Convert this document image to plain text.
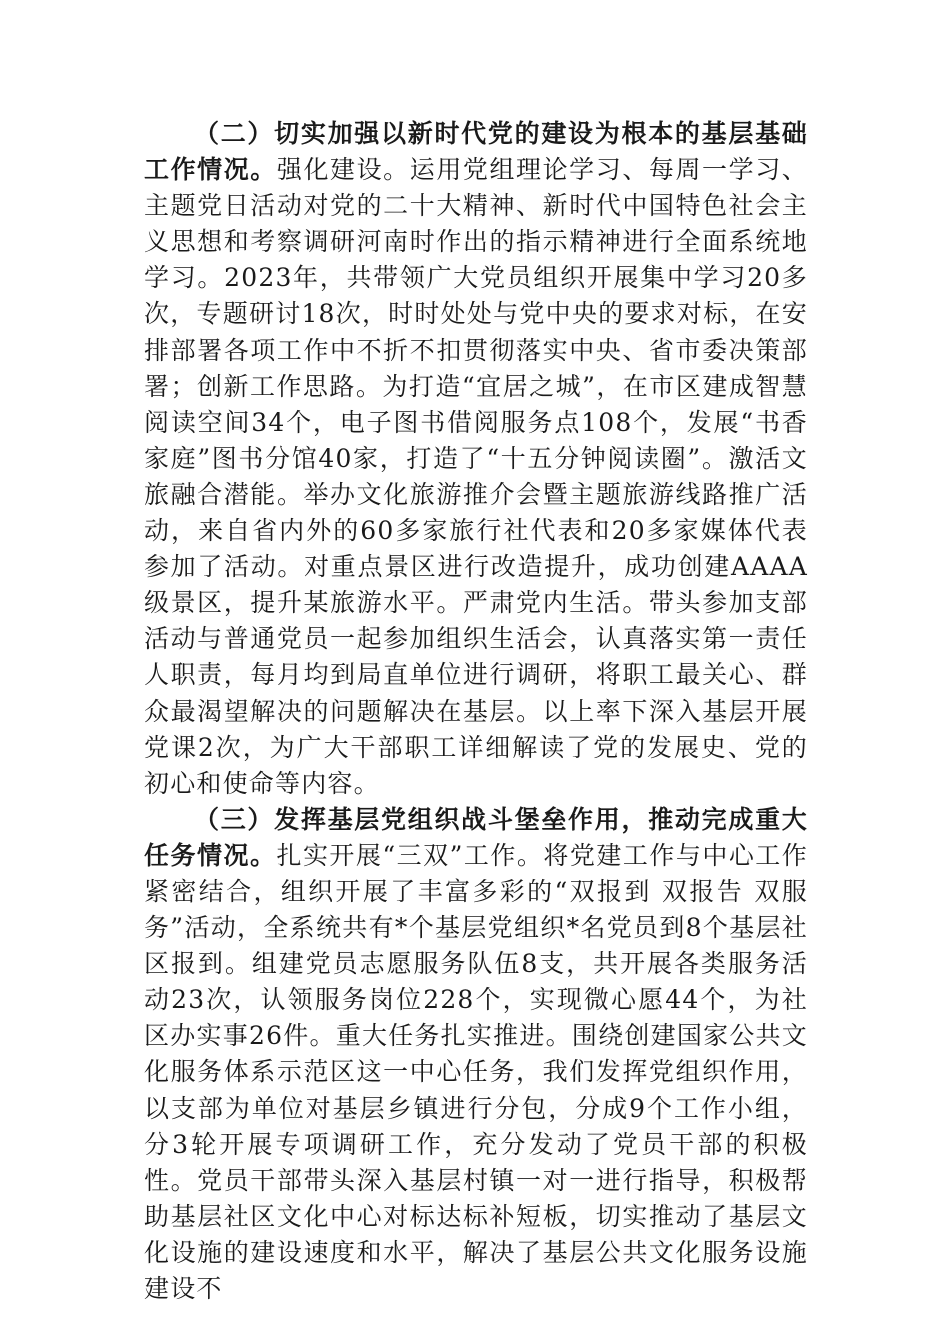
（二）切实加强以新时代党的建设为根本的基层基础工作情况。强化建设。运用党组理论学习、每周一学习、主题党日活动对党的二十大精神、新时代中国特色社会主义思想和考察调研河南时作出的指示精神进行全面系统地学习。2023年，共带领广大党员组织开展集中学习20多次，专题研讨18次，时时处处与党中央的要求对标，在安排部署各项工作中不折不扣贯彻落实中央、省市委决策部署；创新工作思路。为打造“宜居之城”，在市区建成智慧阅读空间34个，电子图书借阅服务点108个，发展“书香家庭”图书分馆40家，打造了“十五分钟阅读圈”。激活文旅融合潜能。举办文化旅游推介会暨主题旅游线路推广活动，来自省内外的60多家旅行社代表和20多家媒体代表参加了活动。对重点景区进行改造提升，成功创建AAAA级景区，提升某旅游水平。严肃党内生活。带头参加支部活动与普通党员一起参加组织生活会，认真落实第一责任人职责，每月均到局直单位进行调研，将职工最关心、群众最渴望解决的问题解决在基层。以上率下深入基层开展党课2次，为广大干部职工详细解读了党的发展史、党的初心和使命等内容。

（三）发挥基层党组织战斗堡垒作用，推动完成重大任务情况。扎实开展“三双”工作。将党建工作与中心工作紧密结合，组织开展了丰富多彩的“双报到 双报告 双服务”活动，全系统共有*个基层党组织*名党员到8个基层社区报到。组建党员志愿服务队伍8支，共开展各类服务活动23次，认领服务岗位228个，实现微心愿44个，为社区办实事26件。重大任务扎实推进。围绕创建国家公共文化服务体系示范区这一中心任务，我们发挥党组织作用，以支部为单位对基层乡镇进行分包，分成9个工作小组，分3轮开展专项调研工作，充分发动了党员干部的积极性。党员干部带头深入基层村镇一对一进行指导，积极帮助基层社区文化中心对标达标补短板，切实推动了基层文化设施的建设速度和水平，解决了基层公共文化服务设施建设不
